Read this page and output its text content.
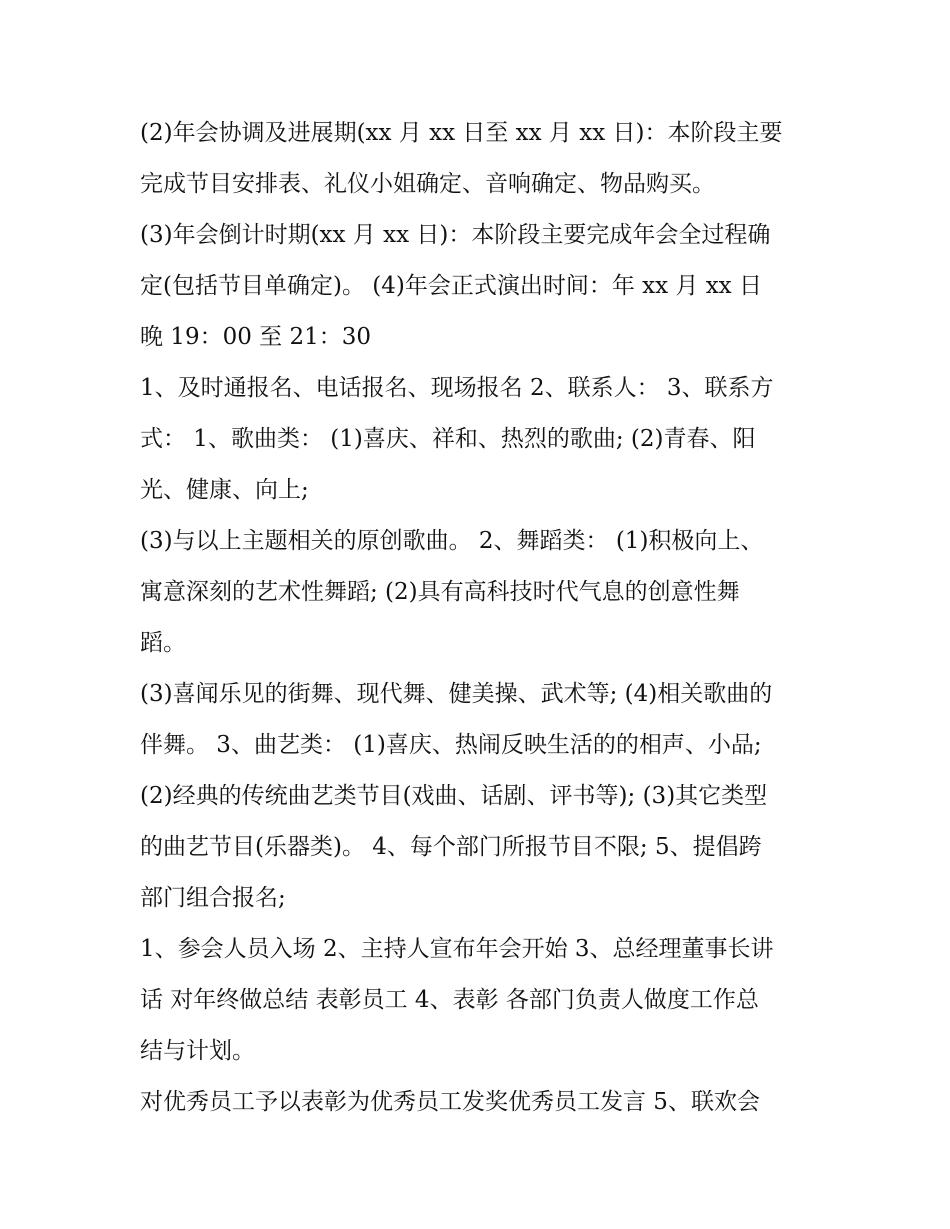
(2)年会协调及进展期(xx 月 xx 日至 xx 月 xx 日)：本阶段主要
完成节目安排表、礼仪小姐确定、音响确定、物品购买。
(3)年会倒计时期(xx 月 xx 日)：本阶段主要完成年会全过程确
定(包括节目单确定)。 (4)年会正式演出时间：年 xx 月 xx 日
晚 19：00 至 21：30
1、及时通报名、电话报名、现场报名 2、联系人： 3、联系方
式： 1、歌曲类： (1)喜庆、祥和、热烈的歌曲; (2)青春、阳
光、健康、向上;
(3)与以上主题相关的原创歌曲。 2、舞蹈类： (1)积极向上、
寓意深刻的艺术性舞蹈; (2)具有高科技时代气息的创意性舞
蹈。
(3)喜闻乐见的街舞、现代舞、健美操、武术等; (4)相关歌曲的
伴舞。 3、曲艺类： (1)喜庆、热闹反映生活的的相声、小品;
(2)经典的传统曲艺类节目(戏曲、话剧、评书等); (3)其它类型
的曲艺节目(乐器类)。 4、每个部门所报节目不限; 5、提倡跨
部门组合报名;
1、参会人员入场 2、主持人宣布年会开始 3、总经理董事长讲
话 对年终做总结 表彰员工 4、表彰 各部门负责人做度工作总
结与计划。
对优秀员工予以表彰为优秀员工发奖优秀员工发言 5、联欢会
